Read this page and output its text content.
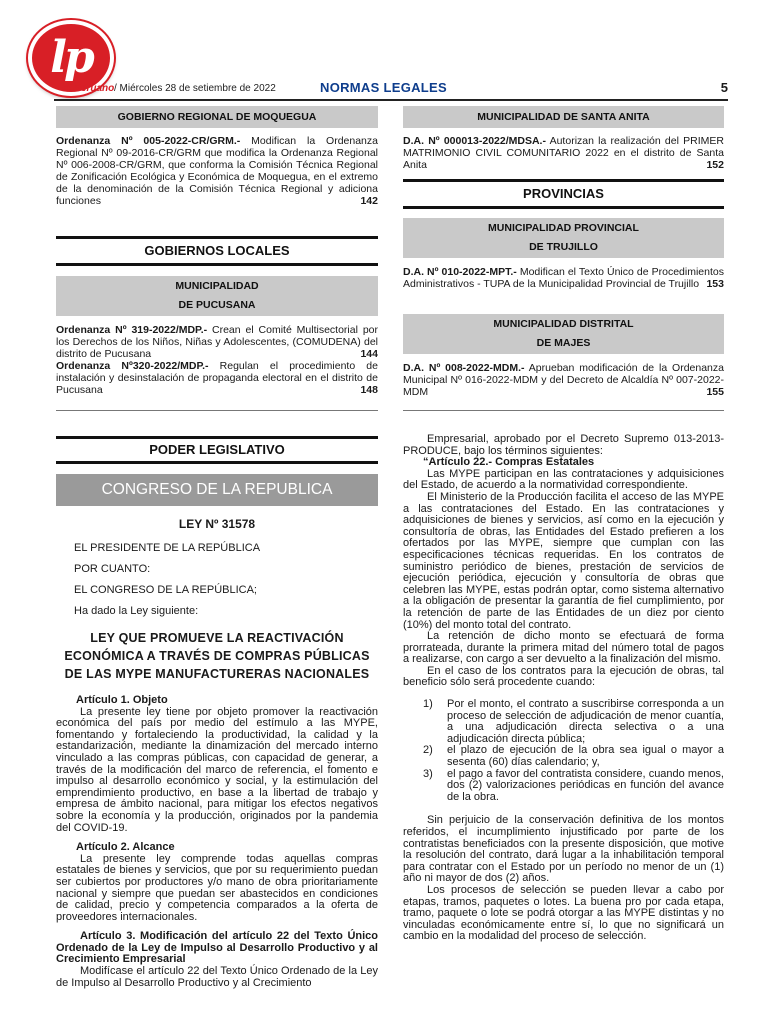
lp
El Peruano / Miércoles 28 de setiembre de 2022	NORMAS LEGALES	5
GOBIERNO REGIONAL DE MOQUEGUA
Ordenanza Nº 005-2022-CR/GRM.- Modifican la Ordenanza Regional Nº 09-2016-CR/GRM que modifica la Ordenanza Regional Nº 006-2008-CR/GRM, que conforma la Comisión Técnica Regional de Zonificación Ecológica y Económica de Moquegua, en el extremo de la denominación de la Comisión Técnica Regional y adiciona funciones	142
GOBIERNOS LOCALES
MUNICIPALIDAD
DE PUCUSANA
Ordenanza Nº 319-2022/MDP.- Crean el Comité Multisectorial por los Derechos de los Niños, Niñas y Adolescentes, (COMUDENA) del distrito de Pucusana	144
Ordenanza Nº320-2022/MDP.- Regulan el procedimiento de instalación y desinstalación de propaganda electoral en el distrito de Pucusana	148
MUNICIPALIDAD DE SANTA ANITA
D.A. Nº 000013-2022/MDSA.- Autorizan la realización del PRIMER MATRIMONIO CIVIL COMUNITARIO 2022 en el distrito de Santa Anita	152
PROVINCIAS
MUNICIPALIDAD PROVINCIAL
DE TRUJILLO
D.A. Nº 010-2022-MPT.- Modifican el Texto Único de Procedimientos Administrativos - TUPA de la Municipalidad Provincial de Trujillo 153
MUNICIPALIDAD DISTRITAL
DE MAJES
D.A. Nº 008-2022-MDM.- Aprueban modificación de la Ordenanza Municipal Nº 016-2022-MDM y del Decreto de Alcaldía Nº 007-2022-MDM	155
PODER LEGISLATIVO
CONGRESO DE LA REPUBLICA
LEY Nº 31578
EL PRESIDENTE DE LA REPÚBLICA
POR CUANTO:
EL CONGRESO DE LA REPÚBLICA;
Ha dado la Ley siguiente:
LEY QUE PROMUEVE LA REACTIVACIÓN ECONÓMICA A TRAVÉS DE COMPRAS PÚBLICAS DE LAS MYPE MANUFACTURERAS NACIONALES
Artículo 1. Objeto
La presente ley tiene por objeto promover la reactivación económica del país por medio del estímulo a las MYPE, fomentando y fortaleciendo la productividad, la calidad y la estandarización, mediante la dinamización del mercado interno vinculado a las compras públicas, con capacidad de generar, a través de la modificación del marco de referencia, el fomento e impulso al desarrollo económico y social, y la estimulación del emprendimiento productivo, en base a la libertad de trabajo y empresa de ámbito nacional, para mitigar los efectos negativos sobre la economía y la producción, originados por la pandemia del COVID-19.
Artículo 2. Alcance
La presente ley comprende todas aquellas compras estatales de bienes y servicios, que por su requerimiento puedan ser cubiertos por productores y/o mano de obra prioritariamente nacional y siempre que puedan ser abastecidos en condiciones de calidad, precio y competencia comparados a la oferta de proveedores internacionales.
Artículo 3. Modificación del artículo 22 del Texto Único Ordenado de la Ley de Impulso al Desarrollo Productivo y al Crecimiento Empresarial
Modifícase el artículo 22 del Texto Único Ordenado de la Ley de Impulso al Desarrollo Productivo y al Crecimiento
Empresarial, aprobado por el Decreto Supremo 013-2013-PRODUCE, bajo los términos siguientes:
“Artículo 22.- Compras Estatales
Las MYPE participan en las contrataciones y adquisiciones del Estado, de acuerdo a la normatividad correspondiente.
El Ministerio de la Producción facilita el acceso de las MYPE a las contrataciones del Estado. En las contrataciones y adquisiciones de bienes y servicios, así como en la ejecución y consultoría de obras, las Entidades del Estado prefieren a los ofertados por las MYPE, siempre que cumplan con las especificaciones técnicas requeridas. En los contratos de suministro periódico de bienes, prestación de servicios de ejecución periódica, ejecución y consultoría de obras que celebren las MYPE, estas podrán optar, como sistema alternativo a la obligación de presentar la garantía de fiel cumplimiento, por la retención de parte de las Entidades de un diez por ciento (10%) del monto total del contrato.
La retención de dicho monto se efectuará de forma prorrateada, durante la primera mitad del número total de pagos a realizarse, con cargo a ser devuelto a la finalización del mismo.
En el caso de los contratos para la ejecución de obras, tal beneficio sólo será procedente cuando:
1)	Por el monto, el contrato a suscribirse corresponda a un proceso de selección de adjudicación de menor cuantía, a una adjudicación directa selectiva o a una adjudicación directa pública;
2)	el plazo de ejecución de la obra sea igual o mayor a sesenta (60) días calendario; y,
3)	el pago a favor del contratista considere, cuando menos, dos (2) valorizaciones periódicas en función del avance de la obra.
Sin perjuicio de la conservación definitiva de los montos referidos, el incumplimiento injustificado por parte de los contratistas beneficiados con la presente disposición, que motive la resolución del contrato, dará lugar a la inhabilitación temporal para contratar con el Estado por un período no menor de un (1) año ni mayor de dos (2) años.
Los procesos de selección se pueden llevar a cabo por etapas, tramos, paquetes o lotes. La buena pro por cada etapa, tramo, paquete o lote se podrá otorgar a las MYPE distintas y no vinculadas económicamente entre sí, lo que no significará un cambio en la modalidad del proceso de selección.
